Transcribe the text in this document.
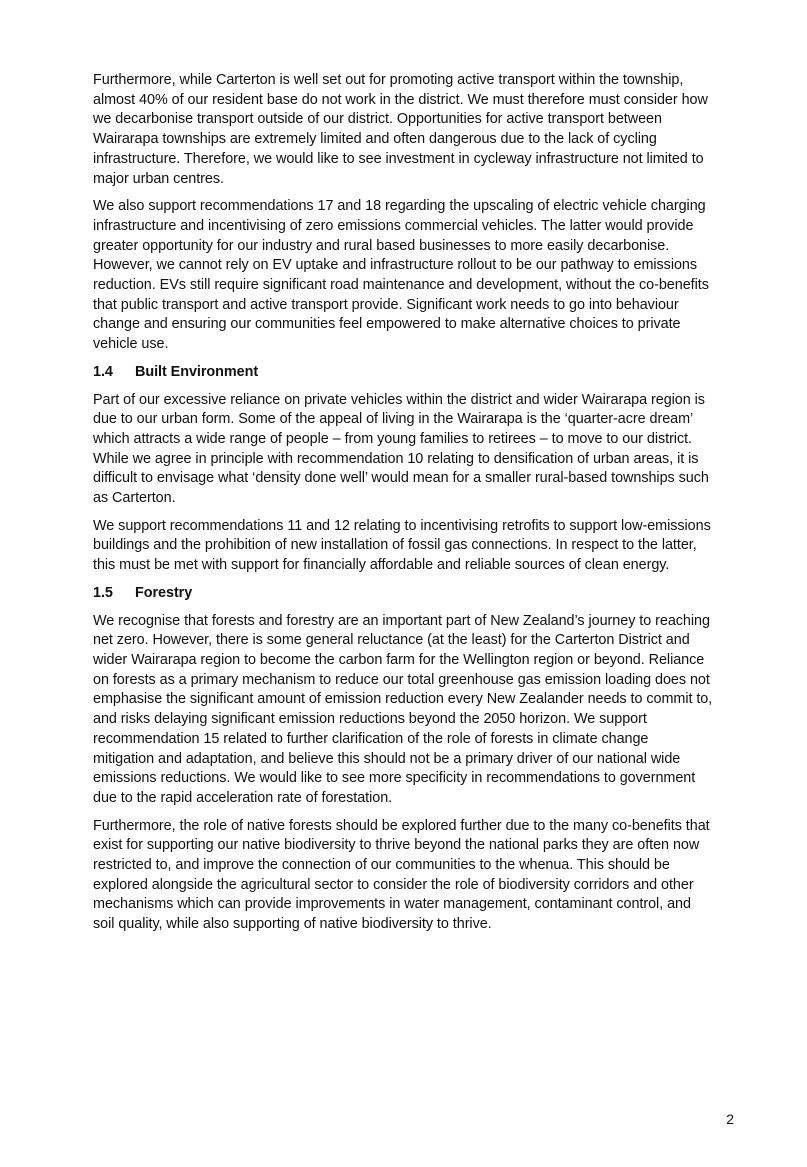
Furthermore, while Carterton is well set out for promoting active transport within the township, almost 40% of our resident base do not work in the district. We must therefore must consider how we decarbonise transport outside of our district. Opportunities for active transport between Wairarapa townships are extremely limited and often dangerous due to the lack of cycling infrastructure. Therefore, we would like to see investment in cycleway infrastructure not limited to major urban centres.

We also support recommendations 17 and 18 regarding the upscaling of electric vehicle charging infrastructure and incentivising of zero emissions commercial vehicles. The latter would provide greater opportunity for our industry and rural based businesses to more easily decarbonise. However, we cannot rely on EV uptake and infrastructure rollout to be our pathway to emissions reduction. EVs still require significant road maintenance and development, without the co-benefits that public transport and active transport provide. Significant work needs to go into behaviour change and ensuring our communities feel empowered to make alternative choices to private vehicle use.

1.4	Built Environment

Part of our excessive reliance on private vehicles within the district and wider Wairarapa region is due to our urban form. Some of the appeal of living in the Wairarapa is the ‘quarter-acre dream’ which attracts a wide range of people – from young families to retirees – to move to our district. While we agree in principle with recommendation 10 relating to densification of urban areas, it is difficult to envisage what ‘density done well’ would mean for a smaller rural-based townships such as Carterton.

We support recommendations 11 and 12 relating to incentivising retrofits to support low-emissions buildings and the prohibition of new installation of fossil gas connections. In respect to the latter, this must be met with support for financially affordable and reliable sources of clean energy.

1.5	Forestry

We recognise that forests and forestry are an important part of New Zealand’s journey to reaching net zero. However, there is some general reluctance (at the least) for the Carterton District and wider Wairarapa region to become the carbon farm for the Wellington region or beyond. Reliance on forests as a primary mechanism to reduce our total greenhouse gas emission loading does not emphasise the significant amount of emission reduction every New Zealander needs to commit to, and risks delaying significant emission reductions beyond the 2050 horizon. We support recommendation 15 related to further clarification of the role of forests in climate change mitigation and adaptation, and believe this should not be a primary driver of our national wide emissions reductions. We would like to see more specificity in recommendations to government due to the rapid acceleration rate of forestation.

Furthermore, the role of native forests should be explored further due to the many co-benefits that exist for supporting our native biodiversity to thrive beyond the national parks they are often now restricted to, and improve the connection of our communities to the whenua. This should be explored alongside the agricultural sector to consider the role of biodiversity corridors and other mechanisms which can provide improvements in water management, contaminant control, and soil quality, while also supporting of native biodiversity to thrive.

2
